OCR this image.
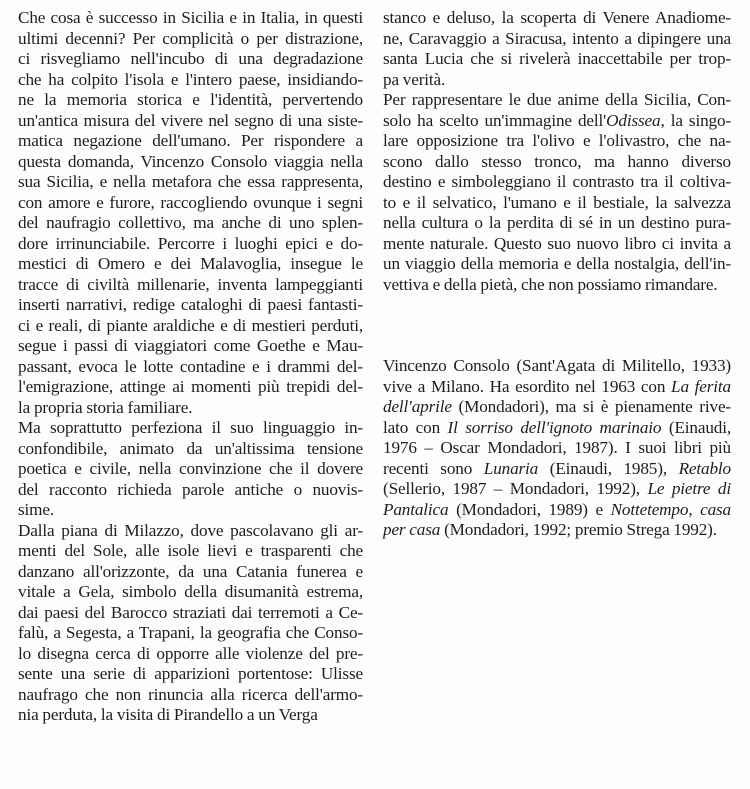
Che cosa è successo in Sicilia e in Italia, in questi
ultimi decenni? Per complicità o per distrazione,
ci risvegliamo nell'incubo di una degradazione
che ha colpito l'isola e l'intero paese, insidiando-
ne la memoria storica e l'identità, pervertendo
un'antica misura del vivere nel segno di una siste-
matica negazione dell'umano. Per rispondere a
questa domanda, Vincenzo Consolo viaggia nella
sua Sicilia, e nella metafora che essa rappresenta,
con amore e furore, raccogliendo ovunque i segni
del naufragio collettivo, ma anche di uno splen-
dore irrinunciabile. Percorre i luoghi epici e do-
mestici di Omero e dei Malavoglia, insegue le
tracce di civiltà millenarie, inventa lampeggianti
inserti narrativi, redige cataloghi di paesi fantasti-
ci e reali, di piante araldiche e di mestieri perduti,
segue i passi di viaggiatori come Goethe e Mau-
passant, evoca le lotte contadine e i drammi del-
l'emigrazione, attinge ai momenti più trepidi del-
la propria storia familiare.
Ma soprattutto perfeziona il suo linguaggio in-
confondibile, animato da un'altissima tensione
poetica e civile, nella convinzione che il dovere
del racconto richieda parole antiche o nuovis-
sime.
Dalla piana di Milazzo, dove pascolavano gli ar-
menti del Sole, alle isole lievi e trasparenti che
danzano all'orizzonte, da una Catania funerea e
vitale a Gela, simbolo della disumanità estrema,
dai paesi del Barocco straziati dai terremoti a Ce-
falù, a Segesta, a Trapani, la geografia che Conso-
lo disegna cerca di opporre alle violenze del pre-
sente una serie di apparizioni portentose: Ulisse
naufrago che non rinuncia alla ricerca dell'armo-
nia perduta, la visita di Pirandello a un Verga
stanco e deluso, la scoperta di Venere Anadiome-
ne, Caravaggio a Siracusa, intento a dipingere una
santa Lucia che si rivelerà inaccettabile per trop-
pa verità.
Per rappresentare le due anime della Sicilia, Con-
solo ha scelto un'immagine dell'Odissea, la singo-
lare opposizione tra l'olivo e l'olivastro, che na-
scono dallo stesso tronco, ma hanno diverso
destino e simboleggiano il contrasto tra il coltiva-
to e il selvatico, l'umano e il bestiale, la salvezza
nella cultura o la perdita di sé in un destino pura-
mente naturale. Questo suo nuovo libro ci invita a
un viaggio della memoria e della nostalgia, dell'in-
vettiva e della pietà, che non possiamo rimandare.
Vincenzo Consolo (Sant'Agata di Militello, 1933)
vive a Milano. Ha esordito nel 1963 con La ferita
dell'aprile (Mondadori), ma si è pienamente rive-
lato con Il sorriso dell'ignoto marinaio (Einaudi,
1976 – Oscar Mondadori, 1987). I suoi libri più
recenti sono Lunaria (Einaudi, 1985), Retablo
(Sellerio, 1987 – Mondadori, 1992), Le pietre di
Pantalica (Mondadori, 1989) e Nottetempo, casa
per casa (Mondadori, 1992; premio Strega 1992).
